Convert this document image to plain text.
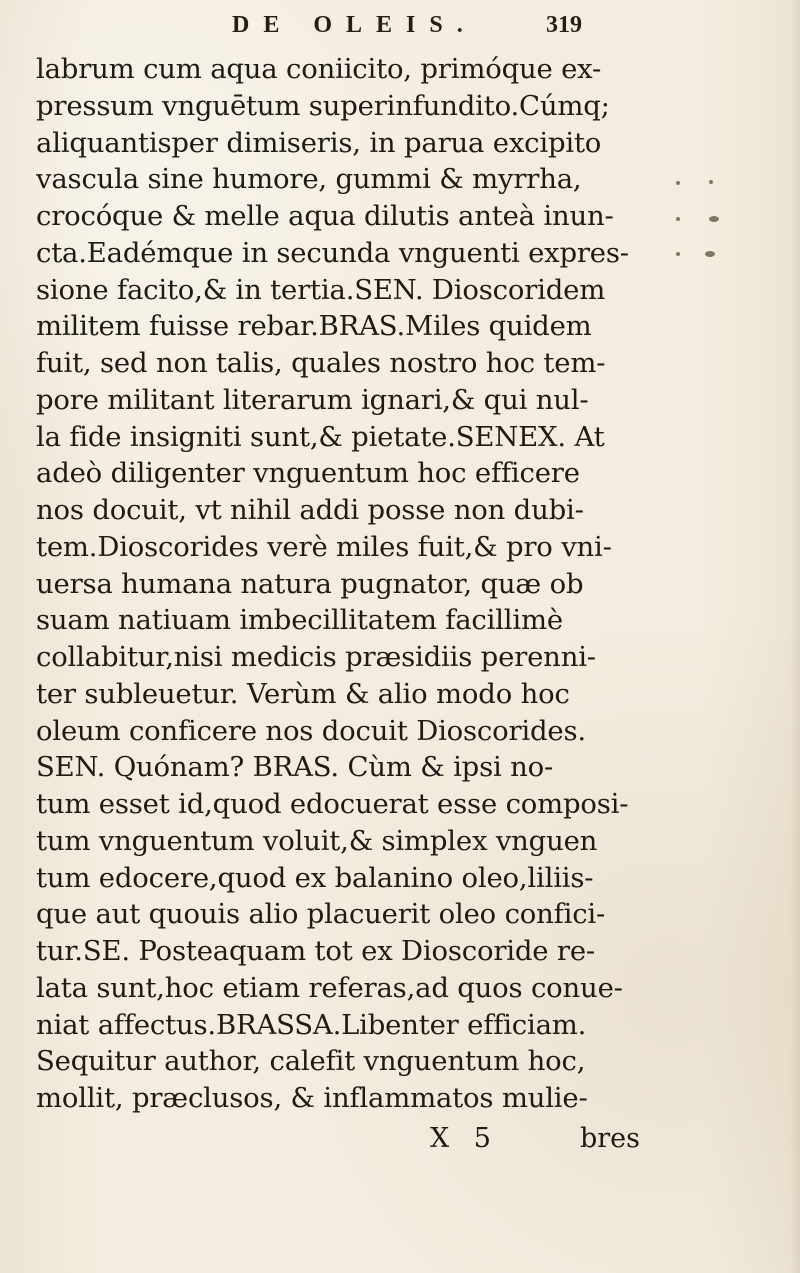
DE OLEIS.	319
labrum cum aqua coniicito, primóque ex-
pressum vnguētum superinfundito.Cúmq;
aliquantisper dimiseris, in parua excipito
vascula sine humore, gummi & myrrha,
crocóque & melle aqua dilutis anteà inun-
cta.Eadémque in secunda vnguenti expres-
sione facito,& in tertia.SEN. Dioscoridem
militem fuisse rebar.BRAS.Miles quidem
fuit, sed non talis, quales nostro hoc tem-
pore militant literarum ignari,& qui nul-
la fide insigniti sunt,& pietate.SENEX. At
adeò diligenter vnguentum hoc efficere
nos docuit, vt nihil addi posse non dubi-
tem.Dioscorides verè miles fuit,& pro vni-
uersa humana natura pugnator, quæ ob
suam natiuam imbecillitatem facillimè
collabitur,nisi medicis præsidiis perenni-
ter subleuetur. Verùm & alio modo hoc
oleum conficere nos docuit Dioscorides.
SEN. Quónam? BRAS. Cùm & ipsi no-
tum esset id,quod edocuerat esse composi-
tum vnguentum voluit,& simplex vnguen
tum edocere,quod ex balanino oleo,liliis-
que aut quouis alio placuerit oleo confici-
tur.SE. Posteaquam tot ex Dioscoride re-
lata sunt,hoc etiam referas,ad quos conue-
niat affectus.BRASSA.Libenter efficiam.
Sequitur author, calefit vnguentum hoc,
mollit, præclusos, & inflammatos mulie-
X 5	bres
